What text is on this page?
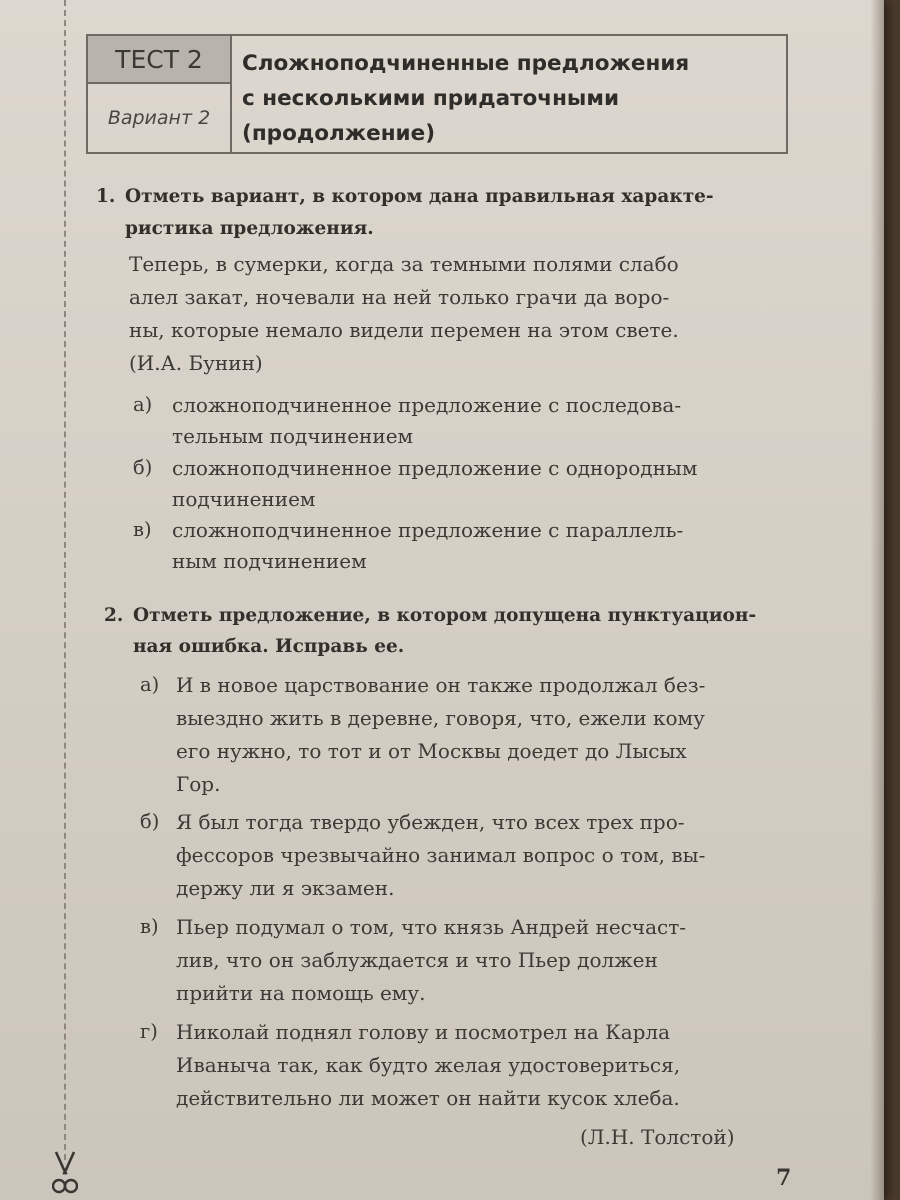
ТЕСТ 2
Вариант 2
Сложноподчиненные предложения
с несколькими придаточными
(продолжение)
1. Отметь вариант, в котором дана правильная характе-
ристика предложения.
Теперь, в сумерки, когда за темными полями слабо
алел закат, ночевали на ней только грачи да воро-
ны, которые немало видели перемен на этом свете.
(И.А. Бунин)
а) сложноподчиненное предложение с последова-
тельным подчинением
б) сложноподчиненное предложение с однородным
подчинением
в) сложноподчиненное предложение с параллель-
ным подчинением
2. Отметь предложение, в котором допущена пунктуацион-
ная ошибка. Исправь ее.
а) И в новое царствование он также продолжал без-
выездно жить в деревне, говоря, что, ежели кому
его нужно, то тот и от Москвы доедет до Лысых
Гор.
б) Я был тогда твердо убежден, что всех трех про-
фессоров чрезвычайно занимал вопрос о том, вы-
держу ли я экзамен.
в) Пьер подумал о том, что князь Андрей несчаст-
лив, что он заблуждается и что Пьер должен
прийти на помощь ему.
г) Николай поднял голову и посмотрел на Карла
Иваныча так, как будто желая удостовериться,
действительно ли может он найти кусок хлеба.
(Л.Н. Толстой)
7
